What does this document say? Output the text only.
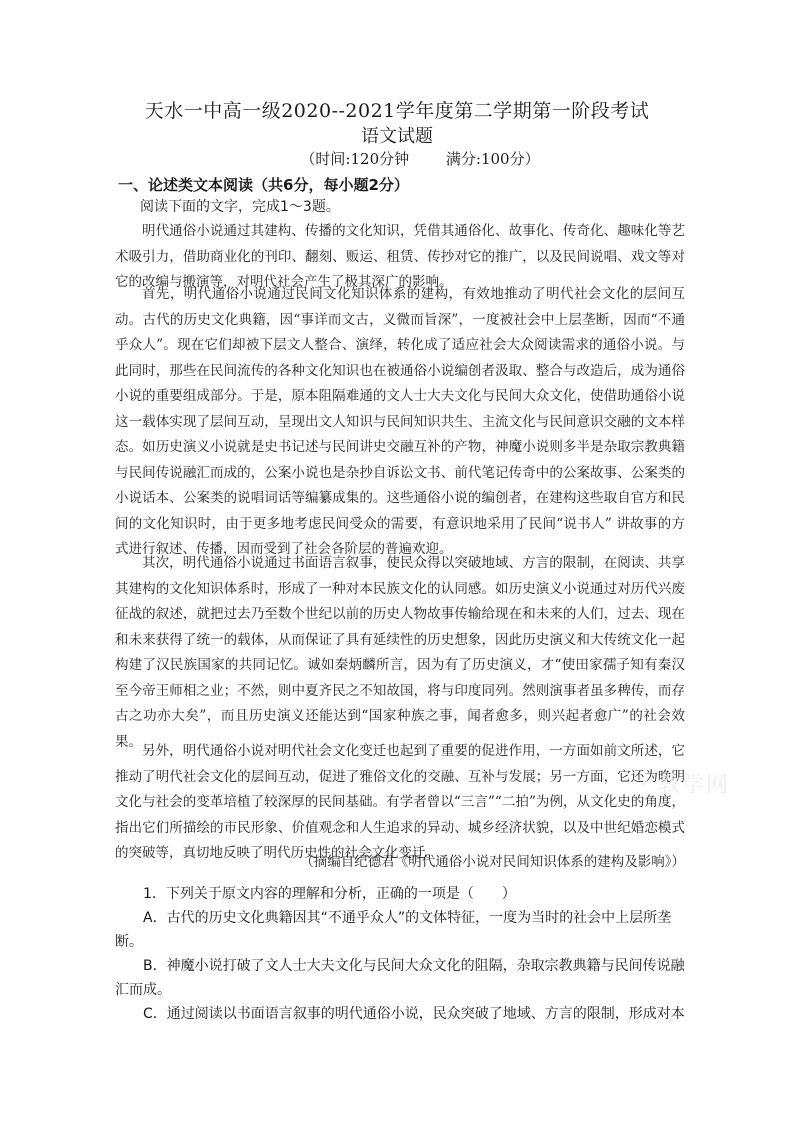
天水一中高一级2020--2021学年度第二学期第一阶段考试
语文试题
（时间:120分钟 满分:100分）
一、论述类文本阅读（共6分，每小题2分）
阅读下面的文字，完成1～3题。
明代通俗小说通过其建构、传播的文化知识，凭借其通俗化、故事化、传奇化、趣味化等艺术吸引力，借助商业化的刊印、翻刻、贩运、租赁、传抄对它的推广，以及民间说唱、戏文等对它的改编与搬演等，对明代社会产生了极其深广的影响。
首先，明代通俗小说通过民间文化知识体系的建构，有效地推动了明代社会文化的层间互动。古代的历史文化典籍，因“事详而文古，义微而旨深”，一度被社会中上层垄断，因而“不通乎众人”。现在它们却被下层文人整合、演绎，转化成了适应社会大众阅读需求的通俗小说。与此同时，那些在民间流传的各种文化知识也在被通俗小说编创者汲取、整合与改造后，成为通俗小说的重要组成部分。于是，原本阻隔难通的文人士大夫文化与民间大众文化，使借助通俗小说这一载体实现了层间互动，呈现出文人知识与民间知识共生、主流文化与民间意识交融的文本样态。如历史演义小说就是史书记述与民间讲史交融互补的产物，神魔小说则多半是杂取宗教典籍与民间传说融汇而成的，公案小说也是杂抄自诉讼文书、前代笔记传奇中的公案故事、公案类的小说话本、公案类的说唱词话等编纂成集的。这些通俗小说的编创者，在建构这些取自官方和民间的文化知识时，由于更多地考虑民间受众的需要，有意识地采用了民间“说书人” 讲故事的方式进行叙述、传播，因而受到了社会各阶层的普遍欢迎。
其次，明代通俗小说通过书面语言叙事，使民众得以突破地域、方言的限制，在阅读、共享其建构的文化知识体系时，形成了一种对本民族文化的认同感。如历史演义小说通过对历代兴废征战的叙述，就把过去乃至数个世纪以前的历史人物故事传输给现在和未来的人们，过去、现在和未来获得了统一的载体，从而保证了具有延续性的历史想象，因此历史演义和大传统文化一起构建了汉民族国家的共同记忆。诚如秦炳麟所言，因为有了历史演义，才“使田家孺子知有秦汉至今帝王师相之业；不然，则中夏齐民之不知故国，将与印度同列。然则演事者虽多稗传，而存古之功亦大矣”，而且历史演义还能达到“国家种族之事，闻者愈多，则兴起者愈广”的社会效果。
另外，明代通俗小说对明代社会文化变迁也起到了重要的促进作用，一方面如前文所述，它推动了明代社会文化的层间互动，促进了雅俗文化的交融、互补与发展；另一方面，它还为晚明文化与社会的变革培植了较深厚的民间基础。有学者曾以“三言”“二拍”为例，从文化史的角度，指出它们所描绘的市民形象、价值观念和人生追求的异动、城乡经济状貌，以及中世纪婚恋模式的突破等，真切地反映了明代历史性的社会文化变迁。
（摘编自纪德君《明代通俗小说对民间知识体系的建构及影响》）
1．下列关于原文内容的理解和分析，正确的一项是（　　）
A．古代的历史文化典籍因其“不通乎众人”的文体特征，一度为当时的社会中上层所垄断。
B．神魔小说打破了文人士大夫文化与民间大众文化的阻隔，杂取宗教典籍与民间传说融汇而成。
C．通过阅读以书面语言叙事的明代通俗小说，民众突破了地域、方言的限制，形成对本
· 教学网
